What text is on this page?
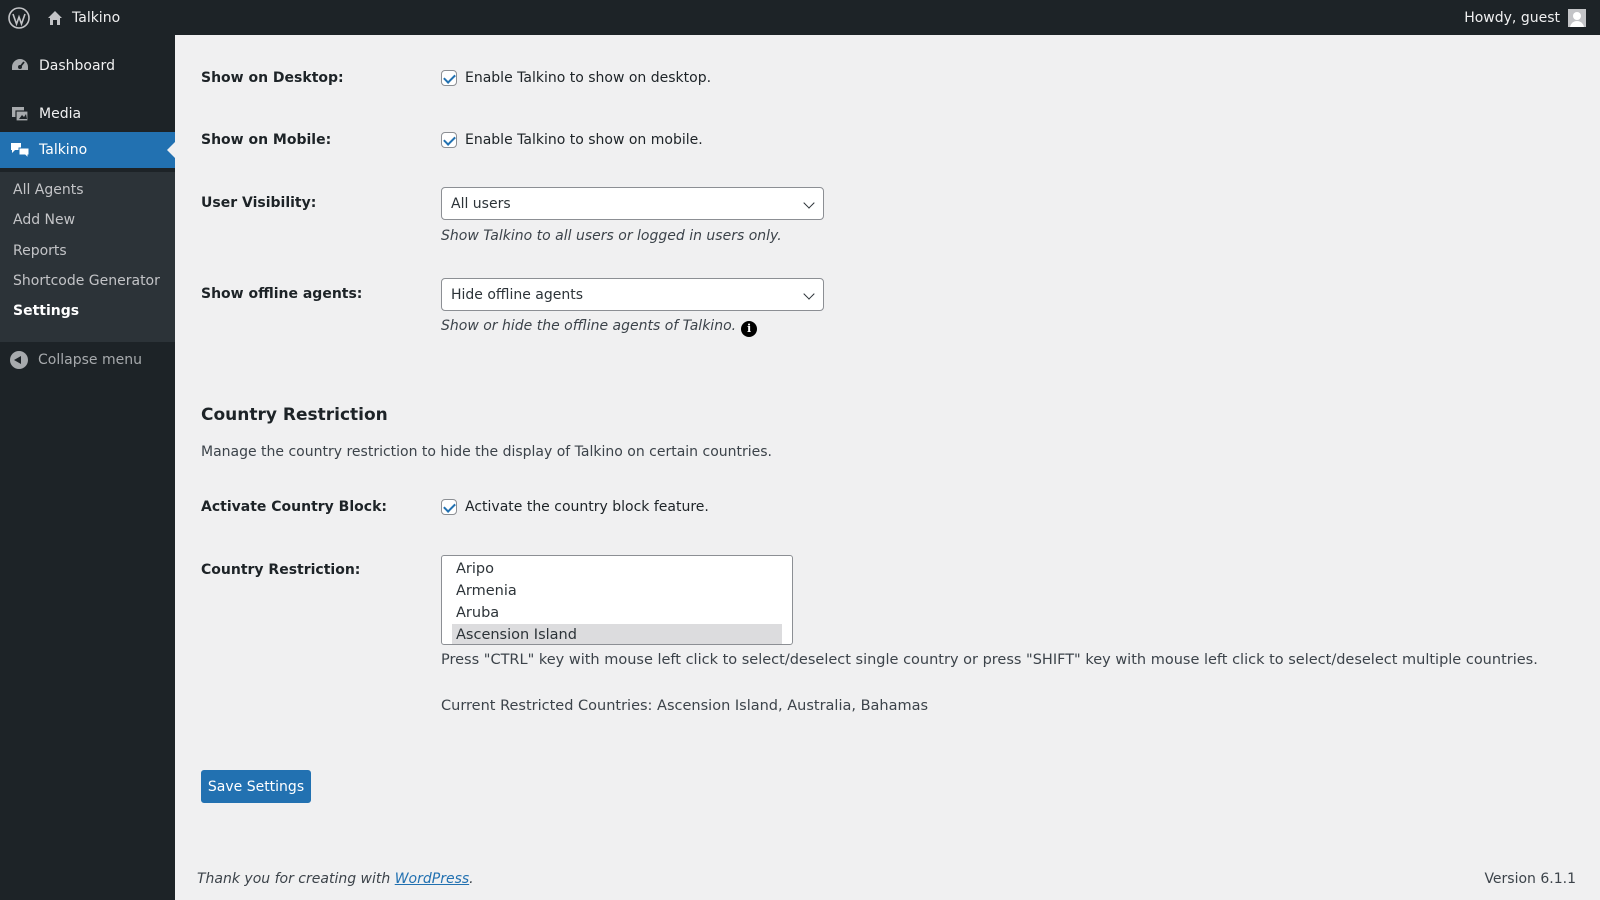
Talkino	Howdy, guest
Dashboard
Media
Talkino
All Agents
Add New
Reports
Shortcode Generator
Settings
Collapse menu
Show on Desktop:	Enable Talkino to show on desktop.
Show on Mobile:	Enable Talkino to show on mobile.
User Visibility:	All users
Show Talkino to all users or logged in users only.
Show offline agents:	Hide offline agents
Show or hide the offline agents of Talkino. i
Country Restriction

Manage the country restriction to hide the display of Talkino on certain countries.

Activate Country Block:	Activate the country block feature.
Country Restriction:	Aripo
Armenia
Aruba
Ascension Island
Press "CTRL" key with mouse left click to select/deselect single country or press "SHIFT" key with mouse left click to select/deselect multiple countries.
Current Restricted Countries: Ascension Island, Australia, Bahamas
Save Settings
Thank you for creating with WordPress.	Version 6.1.1
